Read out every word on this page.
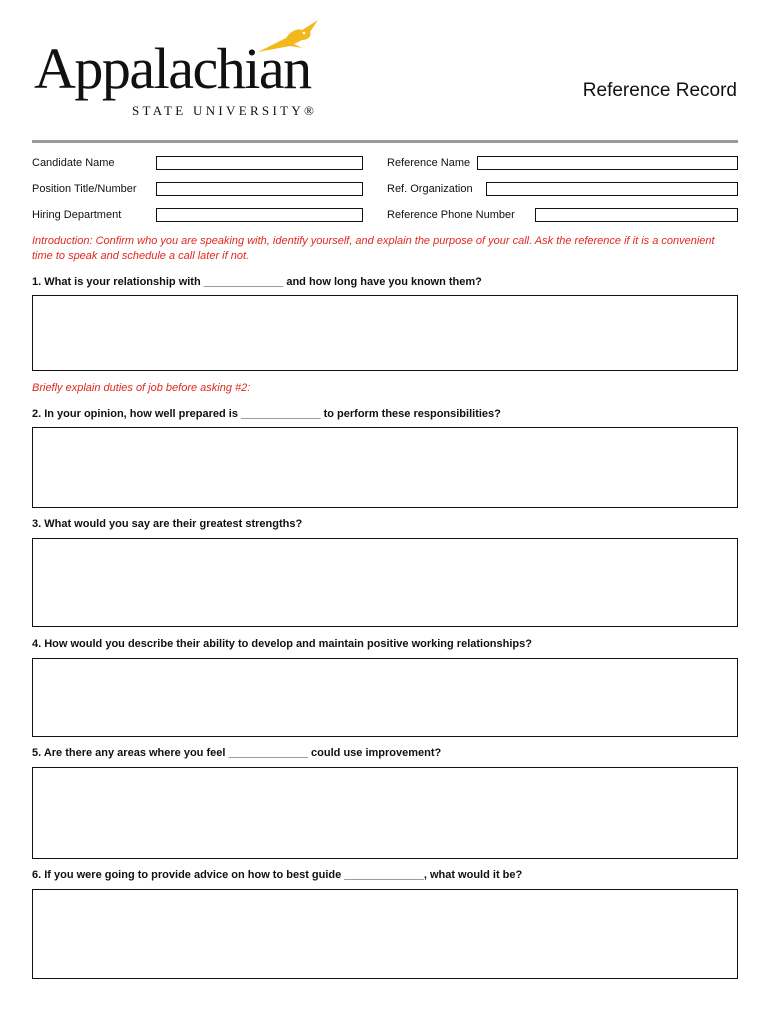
Appalachian
STATE UNIVERSITY®
Reference Record
Candidate Name
Position Title/Number
Hiring Department
Reference Name
Ref. Organization
Reference Phone Number
Introduction: Confirm who you are speaking with, identify yourself, and explain the purpose of your call. Ask the reference if it is a convenient time to speak and schedule a call later if not.
1. What is your relationship with _____________ and how long have you known them?
Briefly explain duties of job before asking #2:
2. In your opinion, how well prepared is _____________ to perform these responsibilities?
3. What would you say are their greatest strengths?
4. How would you describe their ability to develop and maintain positive working relationships?
5. Are there any areas where you feel _____________ could use improvement?
6. If you were going to provide advice on how to best guide _____________, what would it be?
